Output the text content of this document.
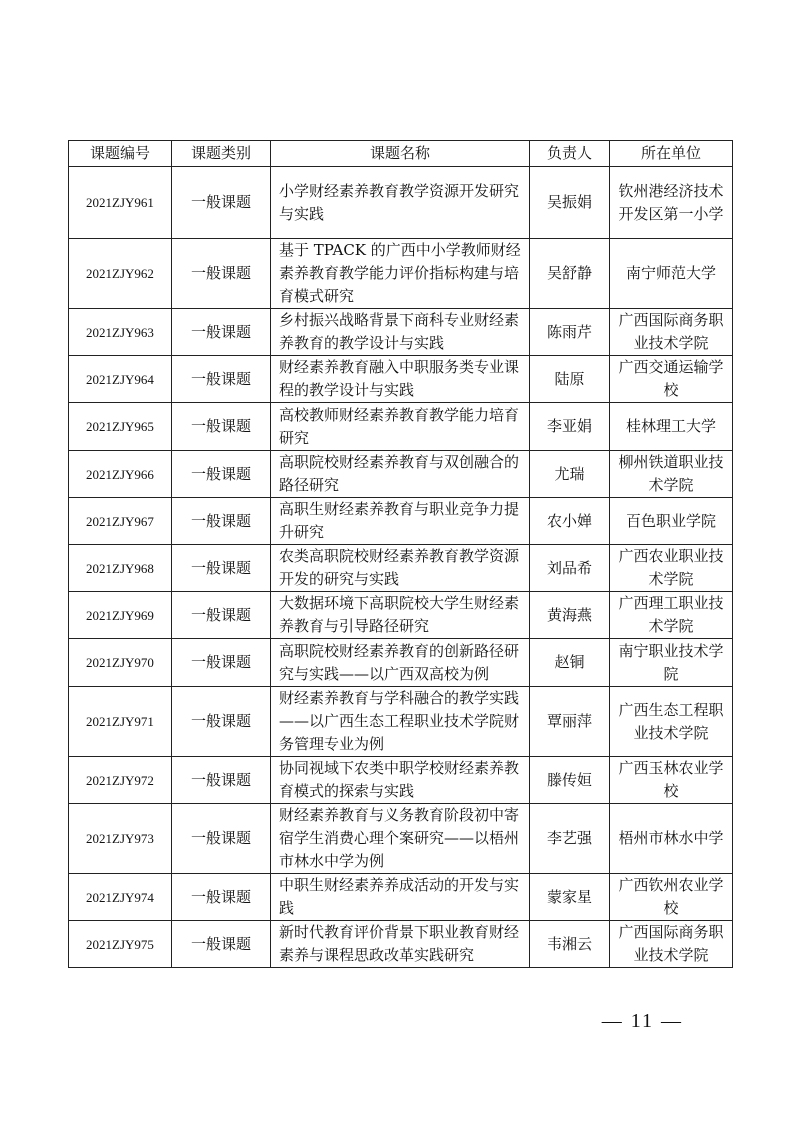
课题编号	课题类别	课题名称	负责人	所在单位
2021ZJY961	一般课题	小学财经素养教育教学资源开发研究与实践	吴振娟	钦州港经济技术开发区第一小学
2021ZJY962	一般课题	基于 TPACK 的广西中小学教师财经素养教育教学能力评价指标构建与培育模式研究	吴舒静	南宁师范大学
2021ZJY963	一般课题	乡村振兴战略背景下商科专业财经素养教育的教学设计与实践	陈雨芹	广西国际商务职业技术学院
2021ZJY964	一般课题	财经素养教育融入中职服务类专业课程的教学设计与实践	陆原	广西交通运输学校
2021ZJY965	一般课题	高校教师财经素养教育教学能力培育研究	李亚娟	桂林理工大学
2021ZJY966	一般课题	高职院校财经素养教育与双创融合的路径研究	尤瑞	柳州铁道职业技术学院
2021ZJY967	一般课题	高职生财经素养教育与职业竞争力提升研究	农小婵	百色职业学院
2021ZJY968	一般课题	农类高职院校财经素养教育教学资源开发的研究与实践	刘品希	广西农业职业技术学院
2021ZJY969	一般课题	大数据环境下高职院校大学生财经素养教育与引导路径研究	黄海燕	广西理工职业技术学院
2021ZJY970	一般课题	高职院校财经素养教育的创新路径研究与实践——以广西双高校为例	赵铜	南宁职业技术学院
2021ZJY971	一般课题	财经素养教育与学科融合的教学实践——以广西生态工程职业技术学院财务管理专业为例	覃丽萍	广西生态工程职业技术学院
2021ZJY972	一般课题	协同视域下农类中职学校财经素养教育模式的探索与实践	滕传姮	广西玉林农业学校
2021ZJY973	一般课题	财经素养教育与义务教育阶段初中寄宿学生消费心理个案研究——以梧州市林水中学为例	李艺强	梧州市林水中学
2021ZJY974	一般课题	中职生财经素养养成活动的开发与实践	蒙家星	广西钦州农业学校
2021ZJY975	一般课题	新时代教育评价背景下职业教育财经素养与课程思政改革实践研究	韦湘云	广西国际商务职业技术学院
— 11 —
